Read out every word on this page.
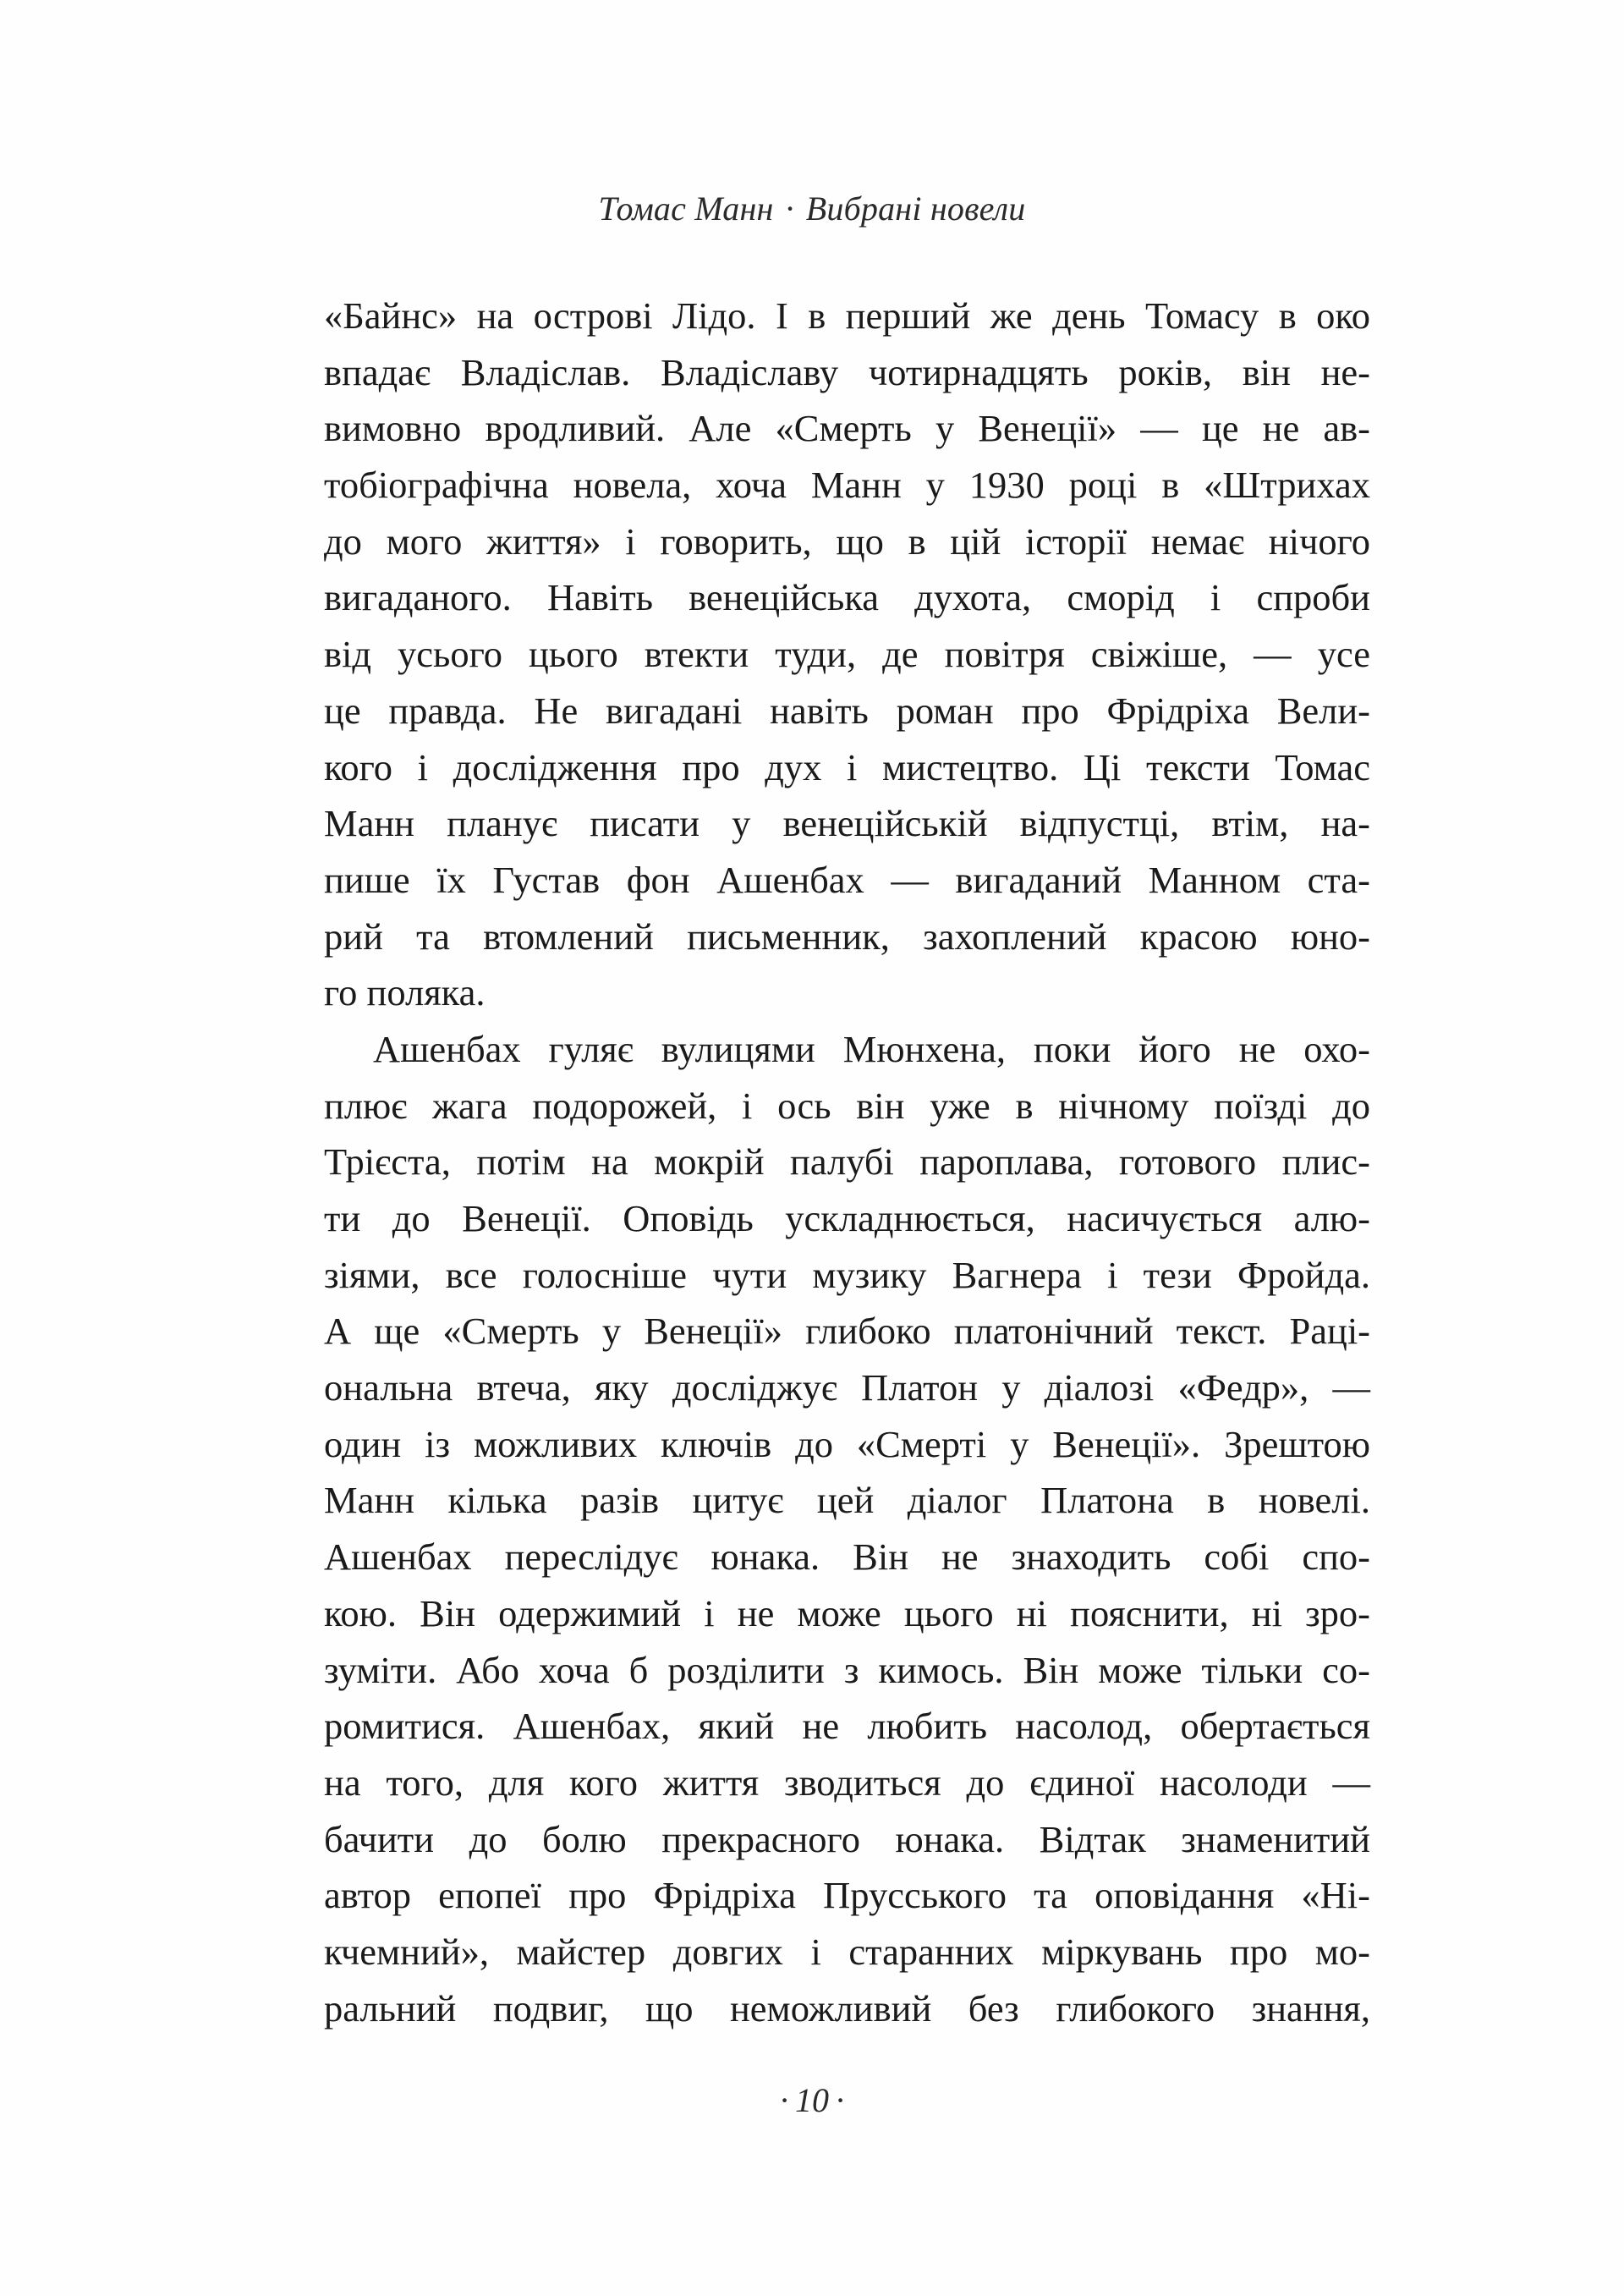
Томас Манн · Вибрані новели
«Байнс» на острові Лідо. І в перший же день Томасу в око
впадає Владіслав. Владіславу чотирнадцять років, він не-
вимовно вродливий. Але «Смерть у Венеції» — це не ав-
тобіографічна новела, хоча Манн у 1930 році в «Штрихах
до мого життя» і говорить, що в цій історії немає нічого
вигаданого. Навіть венеційська духота, сморід і спроби
від усього цього втекти туди, де повітря свіжіше, — усе
це правда. Не вигадані навіть роман про Фрідріха Вели-
кого і дослідження про дух і мистецтво. Ці тексти Томас
Манн планує писати у венеційській відпустці, втім, на-
пише їх Густав фон Ашенбах — вигаданий Манном ста-
рий та втомлений письменник, захоплений красою юно-
го поляка.
Ашенбах гуляє вулицями Мюнхена, поки його не охо-
плює жага подорожей, і ось він уже в нічному поїзді до
Трієста, потім на мокрій палубі пароплава, готового плис-
ти до Венеції. Оповідь ускладнюється, насичується алю-
зіями, все голосніше чути музику Вагнера і тези Фройда.
А ще «Смерть у Венеції» глибоко платонічний текст. Раці-
ональна втеча, яку досліджує Платон у діалозі «Федр», —
один із можливих ключів до «Смерті у Венеції». Зрештою
Манн кілька разів цитує цей діалог Платона в новелі.
Ашенбах переслідує юнака. Він не знаходить собі спо-
кою. Він одержимий і не може цього ні пояснити, ні зро-
зуміти. Або хоча б розділити з кимось. Він може тільки со-
ромитися. Ашенбах, який не любить насолод, обертається
на того, для кого життя зводиться до єдиної насолоди —
бачити до болю прекрасного юнака. Відтак знаменитий
автор епопеї про Фрідріха Прусського та оповідання «Ні-
кчемний», майстер довгих і старанних міркувань про мо-
ральний подвиг, що неможливий без глибокого знання,
· 10 ·
